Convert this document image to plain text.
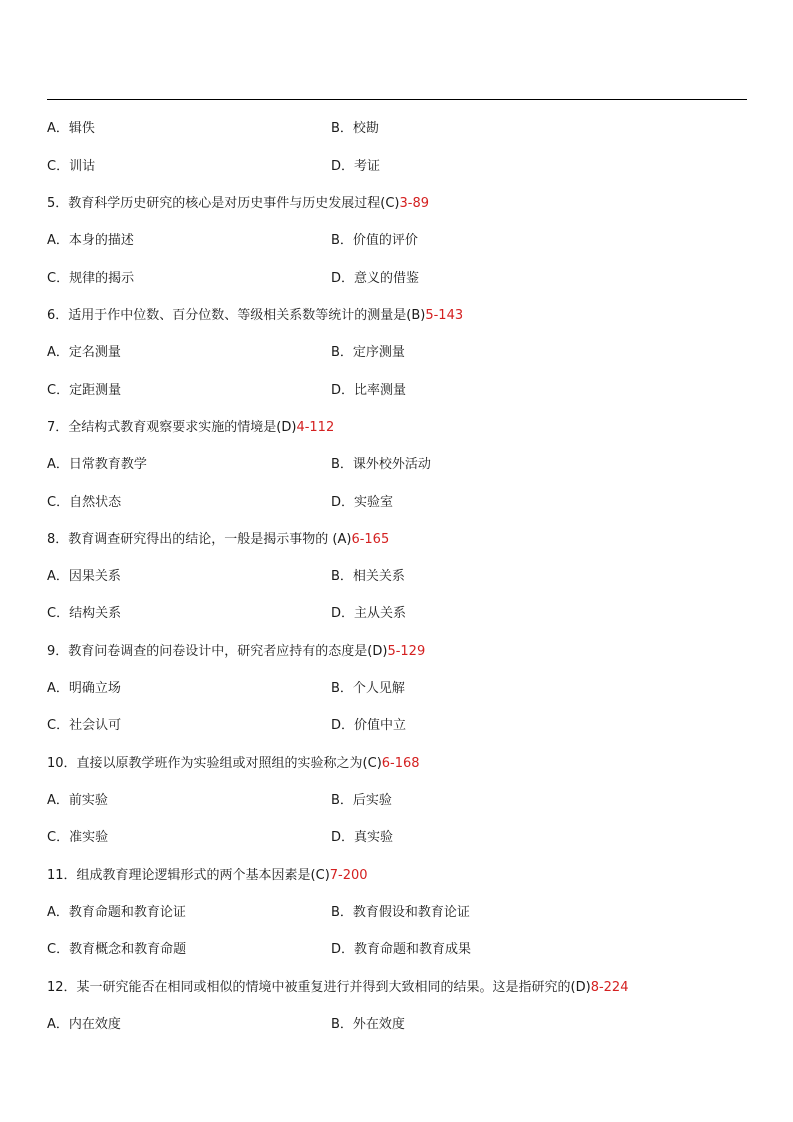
A．辑佚	B．校勘
C．训诂	D．考证
5．教育科学历史研究的核心是对历史事件与历史发展过程(C)3-89
A．本身的描述	B．价值的评价
C．规律的揭示	D．意义的借鉴
6．适用于作中位数、百分位数、等级相关系数等统计的测量是(B)5-143
A．定名测量	B．定序测量
C．定距测量	D．比率测量
7．全结构式教育观察要求实施的情境是(D)4-112
A．日常教育教学	B．课外校外活动
C．自然状态	D．实验室
8．教育调查研究得出的结论，一般是揭示事物的 (A)6-165
A．因果关系	B．相关关系
C．结构关系	D．主从关系
9．教育问卷调查的问卷设计中，研究者应持有的态度是(D)5-129
A．明确立场	B．个人见解
C．社会认可	D．价值中立
10．直接以原教学班作为实验组或对照组的实验称之为(C)6-168
A．前实验	B．后实验
C．准实验	D．真实验
11．组成教育理论逻辑形式的两个基本因素是(C)7-200
A．教育命题和教育论证	B．教育假设和教育论证
C．教育概念和教育命题	D．教育命题和教育成果
12．某一研究能否在相同或相似的情境中被重复进行并得到大致相同的结果。这是指研究的(D)8-224
A．内在效度	B．外在效度
